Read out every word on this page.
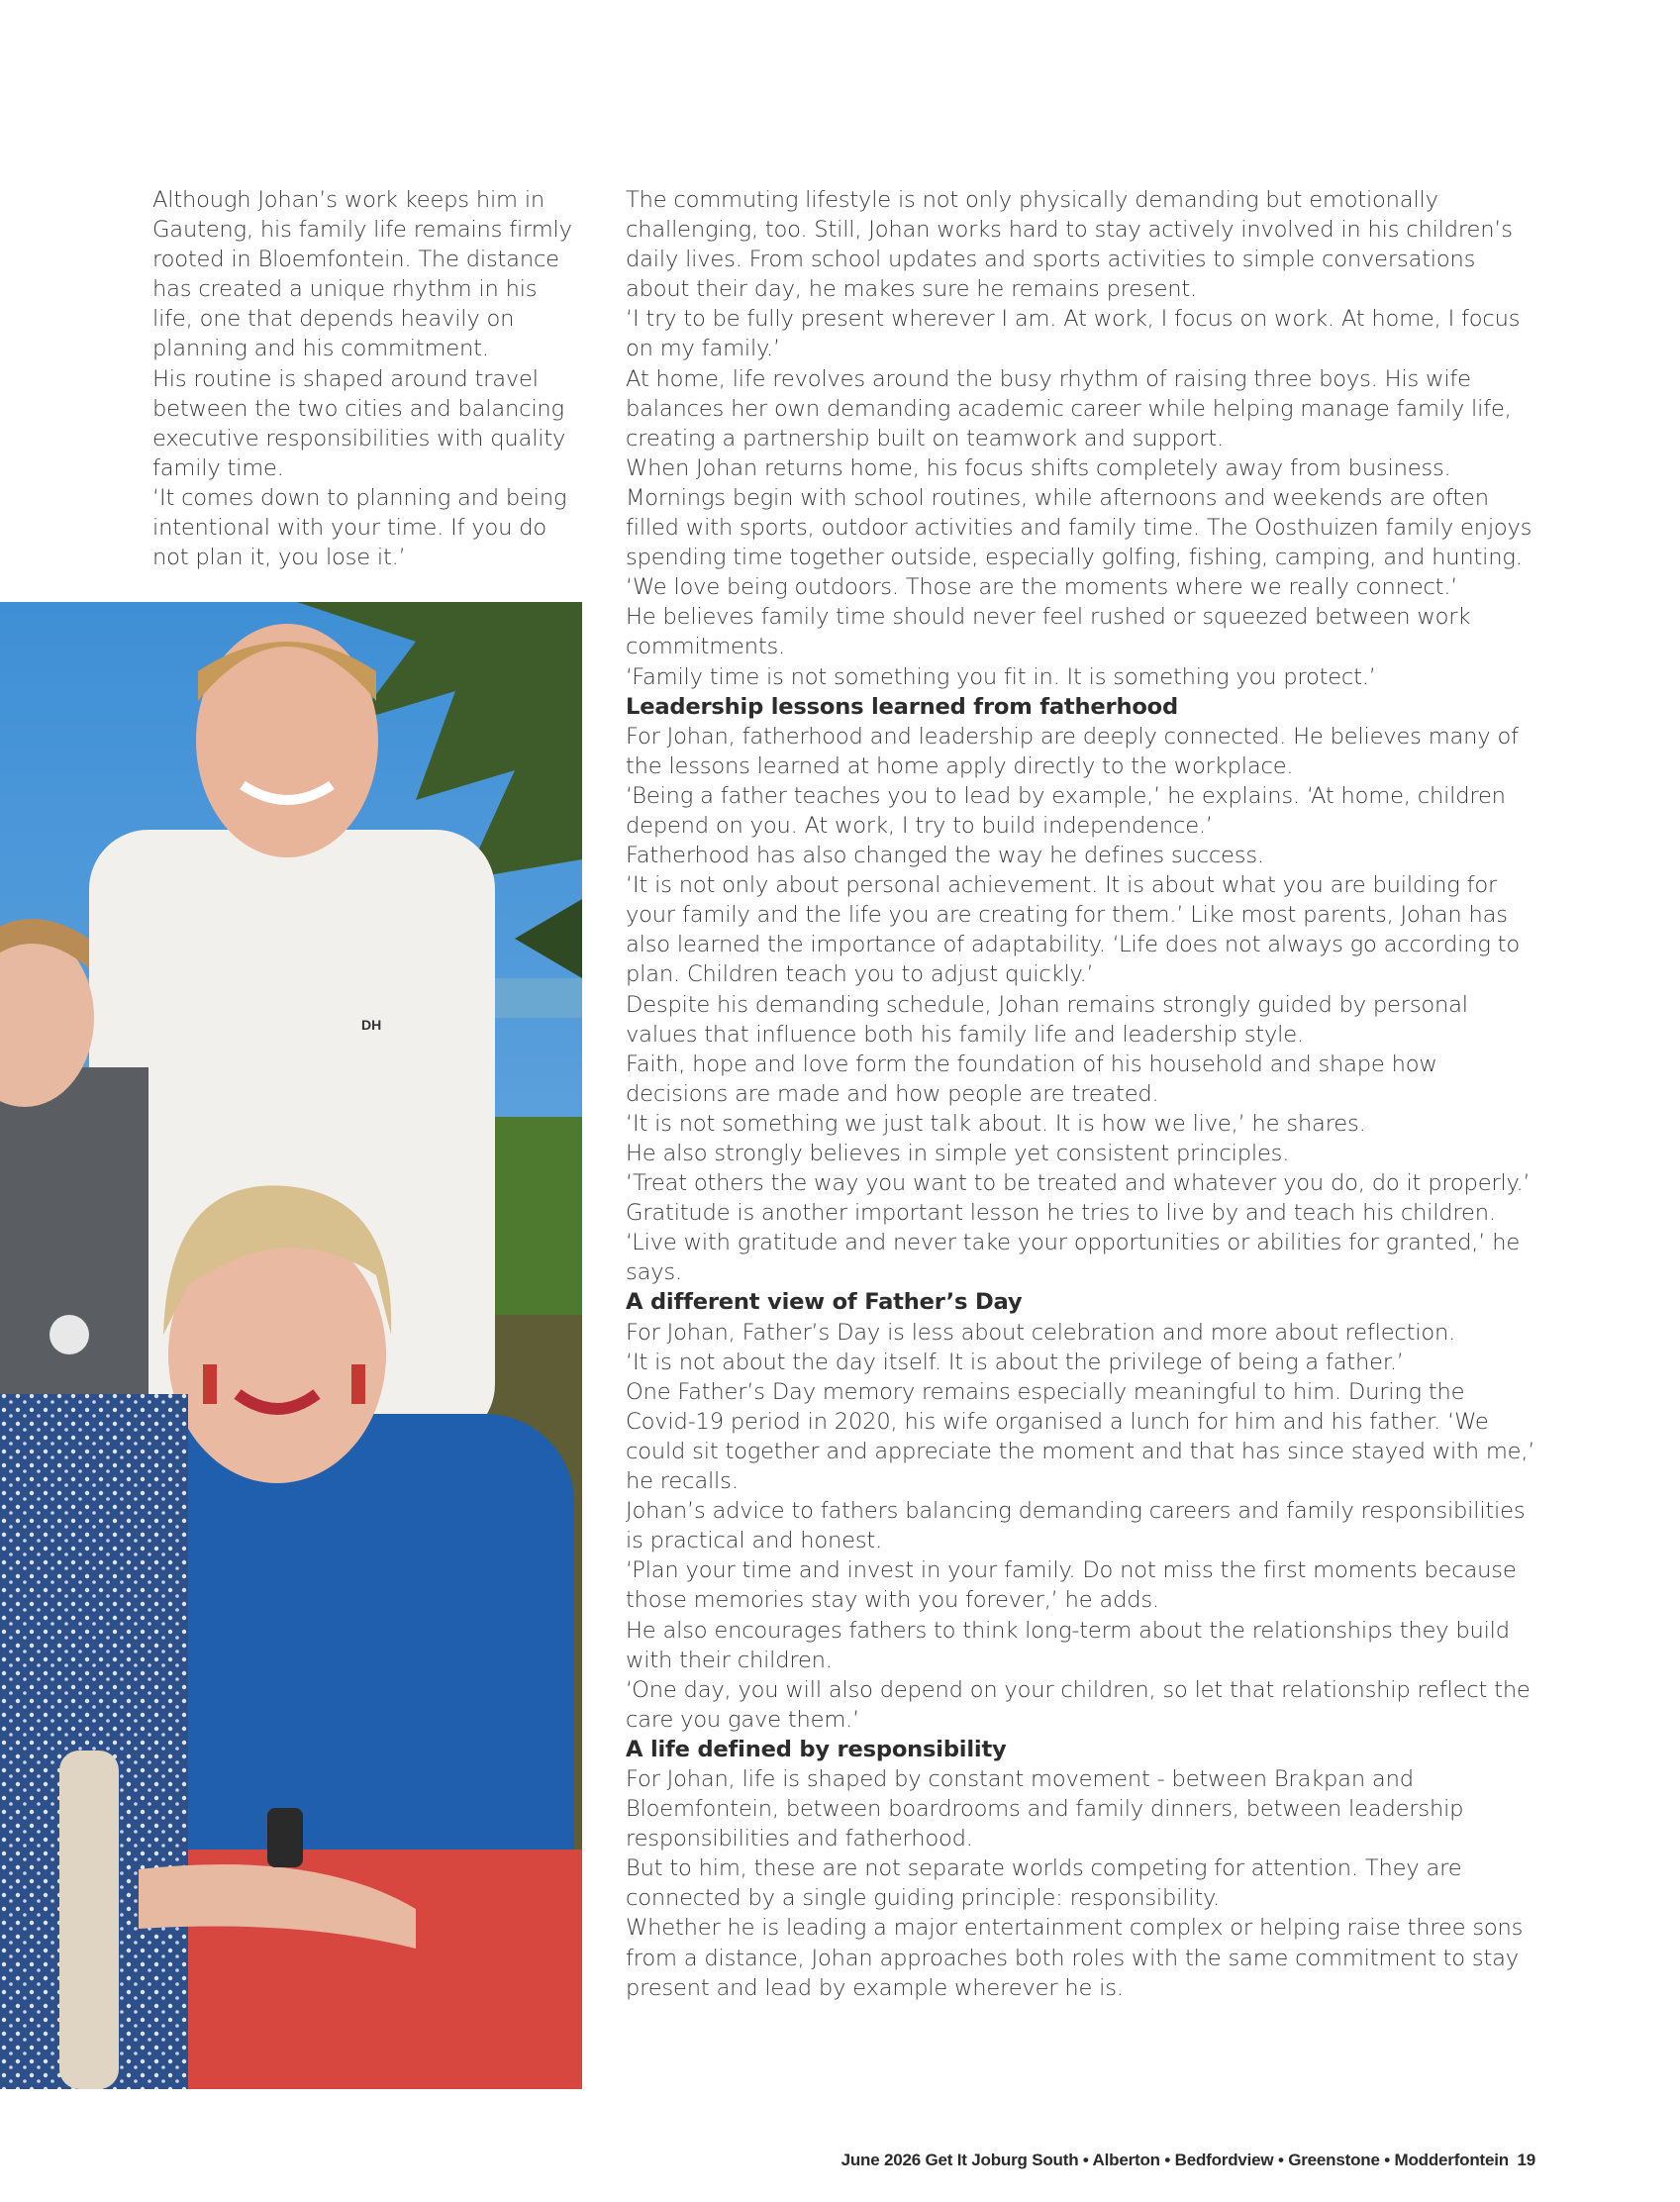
Although Johan’s work keeps him in Gauteng, his family life remains firmly rooted in Bloemfontein. The distance has created a unique rhythm in his life, one that depends heavily on planning and his commitment.

His routine is shaped around travel between the two cities and balancing executive responsibilities with quality family time.

‘It comes down to planning and being intentional with your time. If you do not plan it, you lose it.’

DH

The commuting lifestyle is not only physically demanding but emotionally challenging, too. Still, Johan works hard to stay actively involved in his children’s daily lives. From school updates and sports activities to simple conversations about their day, he makes sure he remains present.

‘I try to be fully present wherever I am. At work, I focus on work. At home, I focus on my family.’

At home, life revolves around the busy rhythm of raising three boys. His wife balances her own demanding academic career while helping manage family life, creating a partnership built on teamwork and support.

When Johan returns home, his focus shifts completely away from business. Mornings begin with school routines, while afternoons and weekends are often filled with sports, outdoor activities and family time. The Oosthuizen family enjoys spending time together outside, especially golfing, fishing, camping, and hunting.

‘We love being outdoors. Those are the moments where we really connect.’

He believes family time should never feel rushed or squeezed between work commitments.

‘Family time is not something you fit in. It is something you protect.’

Leadership lessons learned from fatherhood

For Johan, fatherhood and leadership are deeply connected. He believes many of the lessons learned at home apply directly to the workplace.

‘Being a father teaches you to lead by example,’ he explains. ‘At home, children depend on you. At work, I try to build independence.’

Fatherhood has also changed the way he defines success.

‘It is not only about personal achievement. It is about what you are building for your family and the life you are creating for them.’ Like most parents, Johan has also learned the importance of adaptability. ‘Life does not always go according to plan. Children teach you to adjust quickly.’

Despite his demanding schedule, Johan remains strongly guided by personal values that influence both his family life and leadership style.

Faith, hope and love form the foundation of his household and shape how decisions are made and how people are treated.

‘It is not something we just talk about. It is how we live,’ he shares.

He also strongly believes in simple yet consistent principles.

‘Treat others the way you want to be treated and whatever you do, do it properly.’

Gratitude is another important lesson he tries to live by and teach his children.

‘Live with gratitude and never take your opportunities or abilities for granted,’ he says.

A different view of Father’s Day

For Johan, Father’s Day is less about celebration and more about reflection.

‘It is not about the day itself. It is about the privilege of being a father.’

One Father’s Day memory remains especially meaningful to him. During the Covid-19 period in 2020, his wife organised a lunch for him and his father. ‘We could sit together and appreciate the moment and that has since stayed with me,’ he recalls.

Johan’s advice to fathers balancing demanding careers and family responsibilities is practical and honest.

‘Plan your time and invest in your family. Do not miss the first moments because those memories stay with you forever,’ he adds.

He also encourages fathers to think long-term about the relationships they build with their children.

‘One day, you will also depend on your children, so let that relationship reflect the care you gave them.’

A life defined by responsibility

For Johan, life is shaped by constant movement - between Brakpan and Bloemfontein, between boardrooms and family dinners, between leadership responsibilities and fatherhood.

But to him, these are not separate worlds competing for attention. They are connected by a single guiding principle: responsibility.

Whether he is leading a major entertainment complex or helping raise three sons from a distance, Johan approaches both roles with the same commitment to stay present and lead by example wherever he is.

June 2026 Get It Joburg South • Alberton • Bedfordview • Greenstone • Modderfontein 19
